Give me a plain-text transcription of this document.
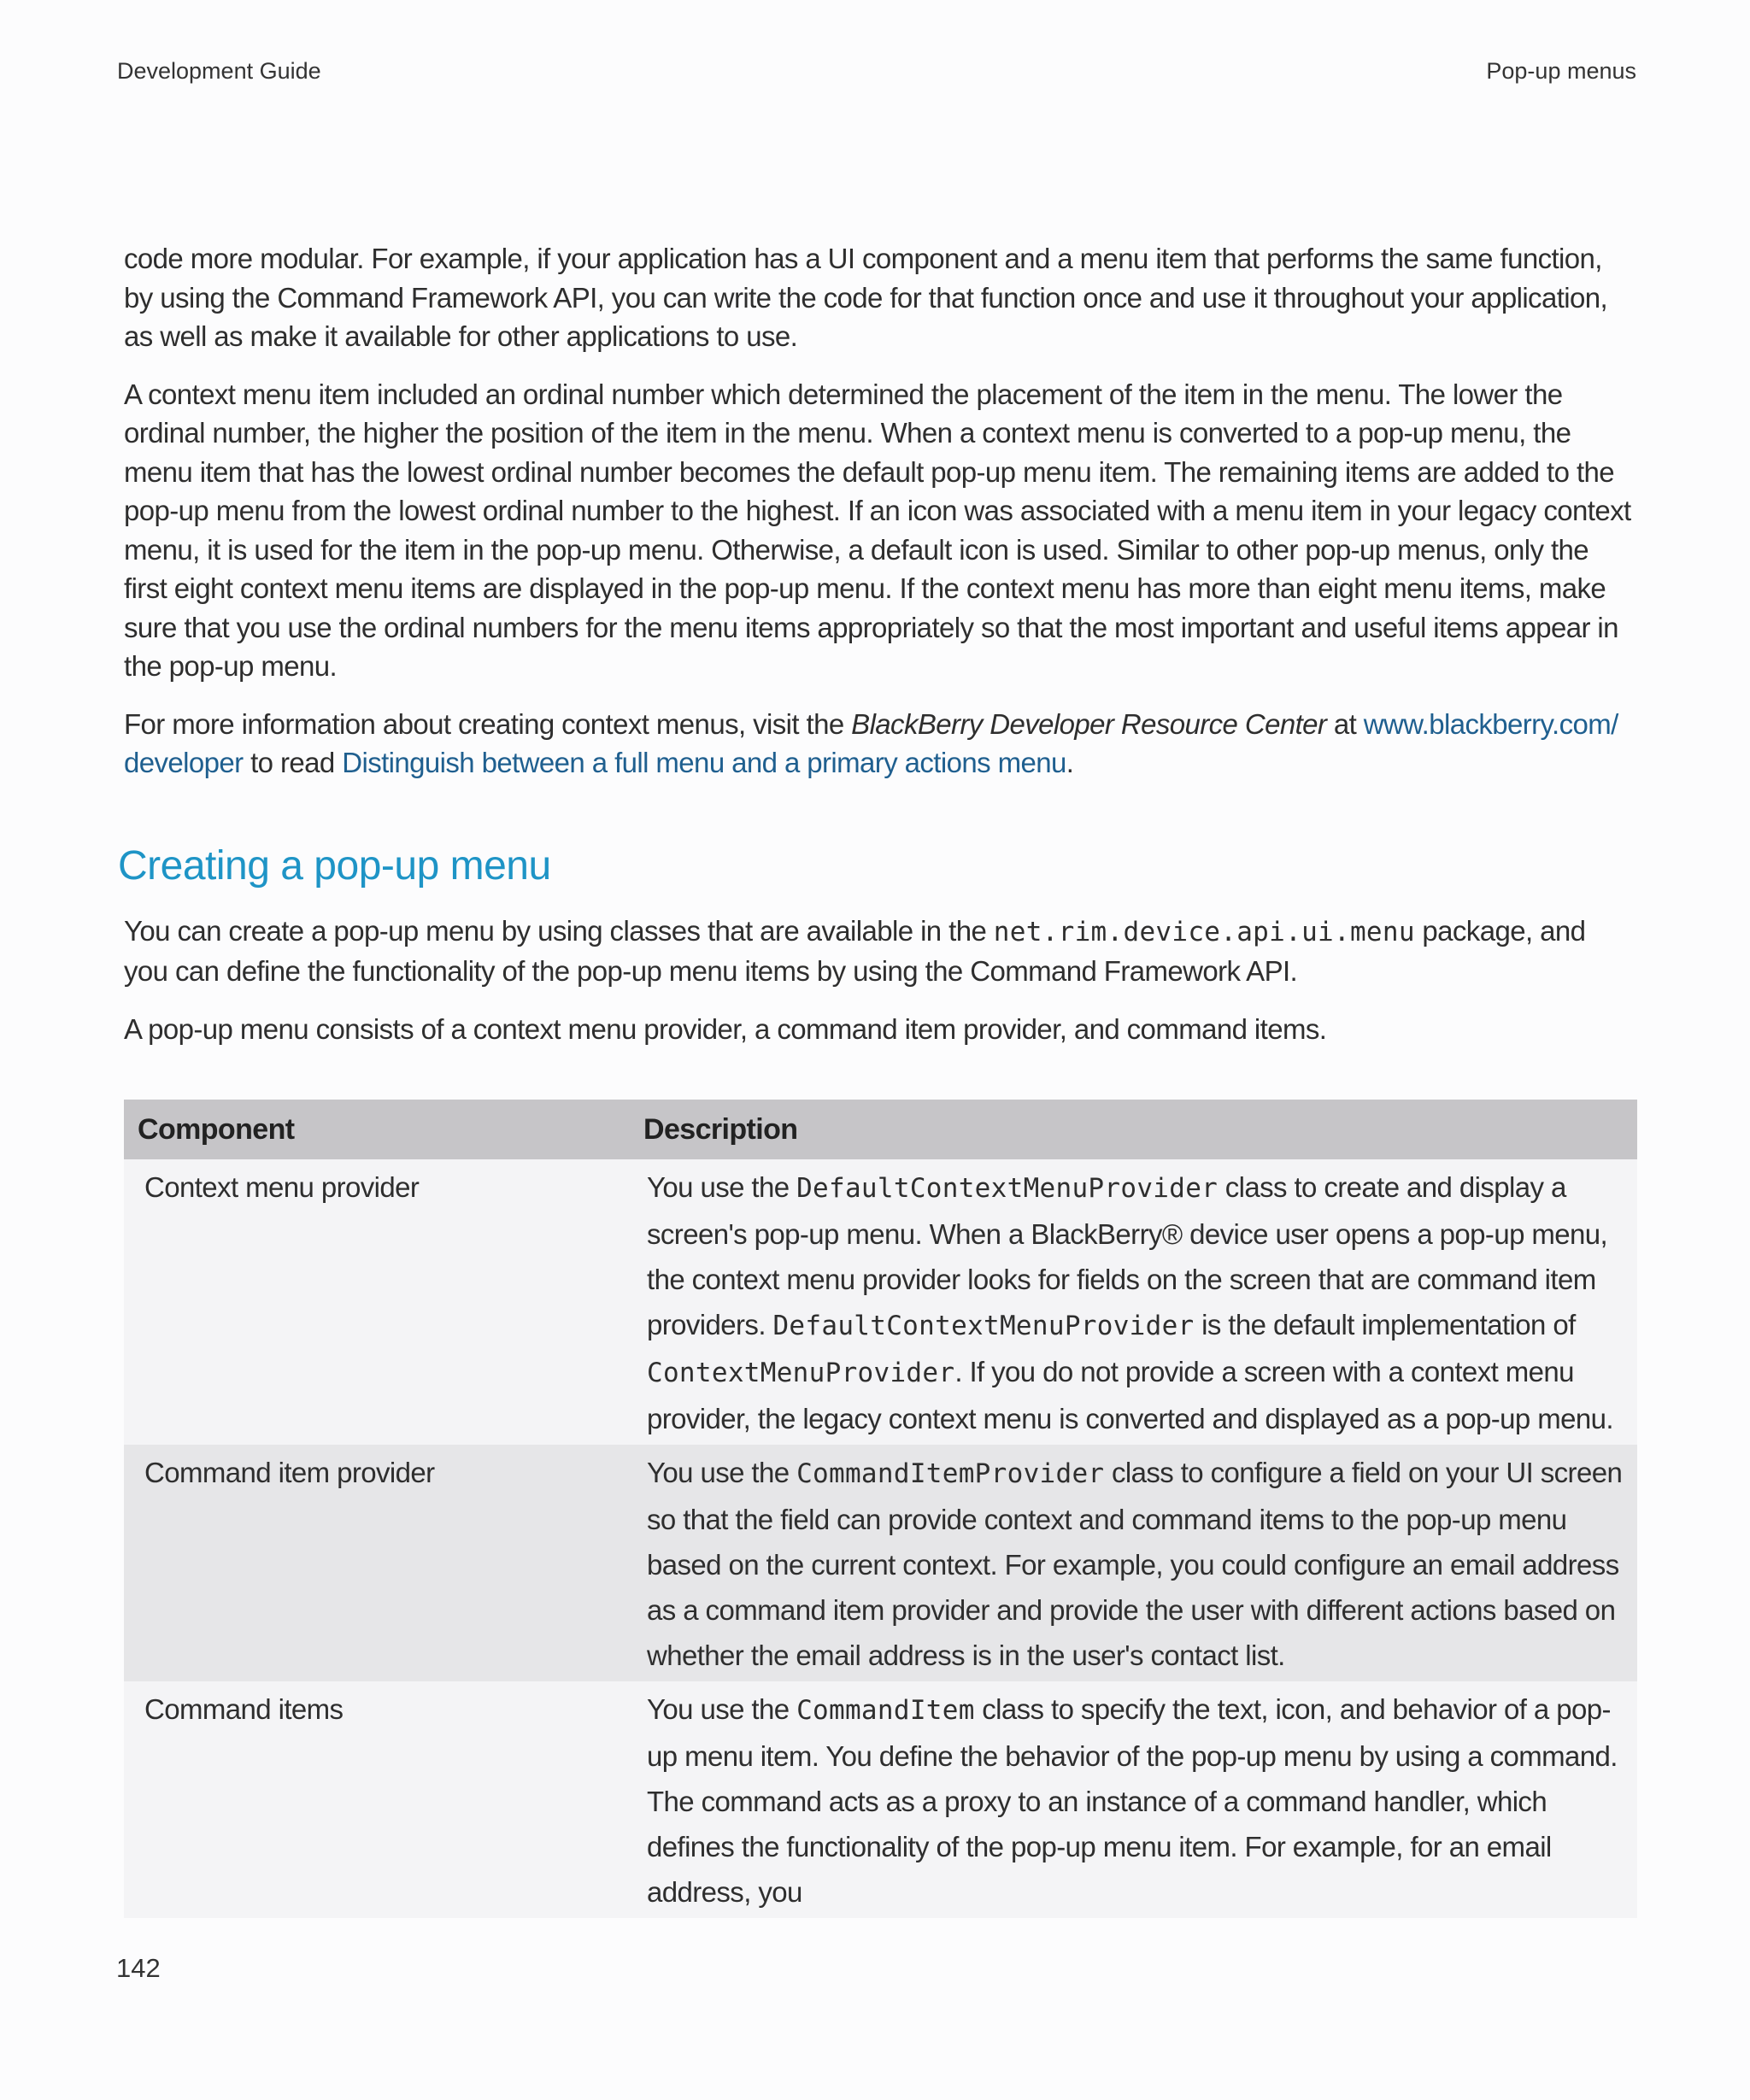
Development Guide	Pop-up menus

code more modular. For example, if your application has a UI component and a menu item that performs the same function, by using the Command Framework API, you can write the code for that function once and use it throughout your application, as well as make it available for other applications to use.

A context menu item included an ordinal number which determined the placement of the item in the menu. The lower the ordinal number, the higher the position of the item in the menu. When a context menu is converted to a pop-up menu, the menu item that has the lowest ordinal number becomes the default pop-up menu item. The remaining items are added to the pop-up menu from the lowest ordinal number to the highest. If an icon was associated with a menu item in your legacy context menu, it is used for the item in the pop-up menu. Otherwise, a default icon is used. Similar to other pop-up menus, only the first eight context menu items are displayed in the pop-up menu. If the context menu has more than eight menu items, make sure that you use the ordinal numbers for the menu items appropriately so that the most important and useful items appear in the pop-up menu.

For more information about creating context menus, visit the BlackBerry Developer Resource Center at www.blackberry.com/ developer to read Distinguish between a full menu and a primary actions menu.

Creating a pop-up menu

You can create a pop-up menu by using classes that are available in the net.rim.device.api.ui.menu package, and you can define the functionality of the pop-up menu items by using the Command Framework API.

A pop-up menu consists of a context menu provider, a command item provider, and command items.

Component	Description
Context menu provider	You use the DefaultContextMenuProvider class to create and display a screen's pop-up menu. When a BlackBerry® device user opens a pop-up menu, the context menu provider looks for fields on the screen that are command item providers. DefaultContextMenuProvider is the default implementation of ContextMenuProvider. If you do not provide a screen with a context menu provider, the legacy context menu is converted and displayed as a pop-up menu.
Command item provider	You use the CommandItemProvider class to configure a field on your UI screen so that the field can provide context and command items to the pop-up menu based on the current context. For example, you could configure an email address as a command item provider and provide the user with different actions based on whether the email address is in the user's contact list.
Command items	You use the CommandItem class to specify the text, icon, and behavior of a pop-up menu item. You define the behavior of the pop-up menu by using a command. The command acts as a proxy to an instance of a command handler, which defines the functionality of the pop-up menu item. For example, for an email address, you
142
